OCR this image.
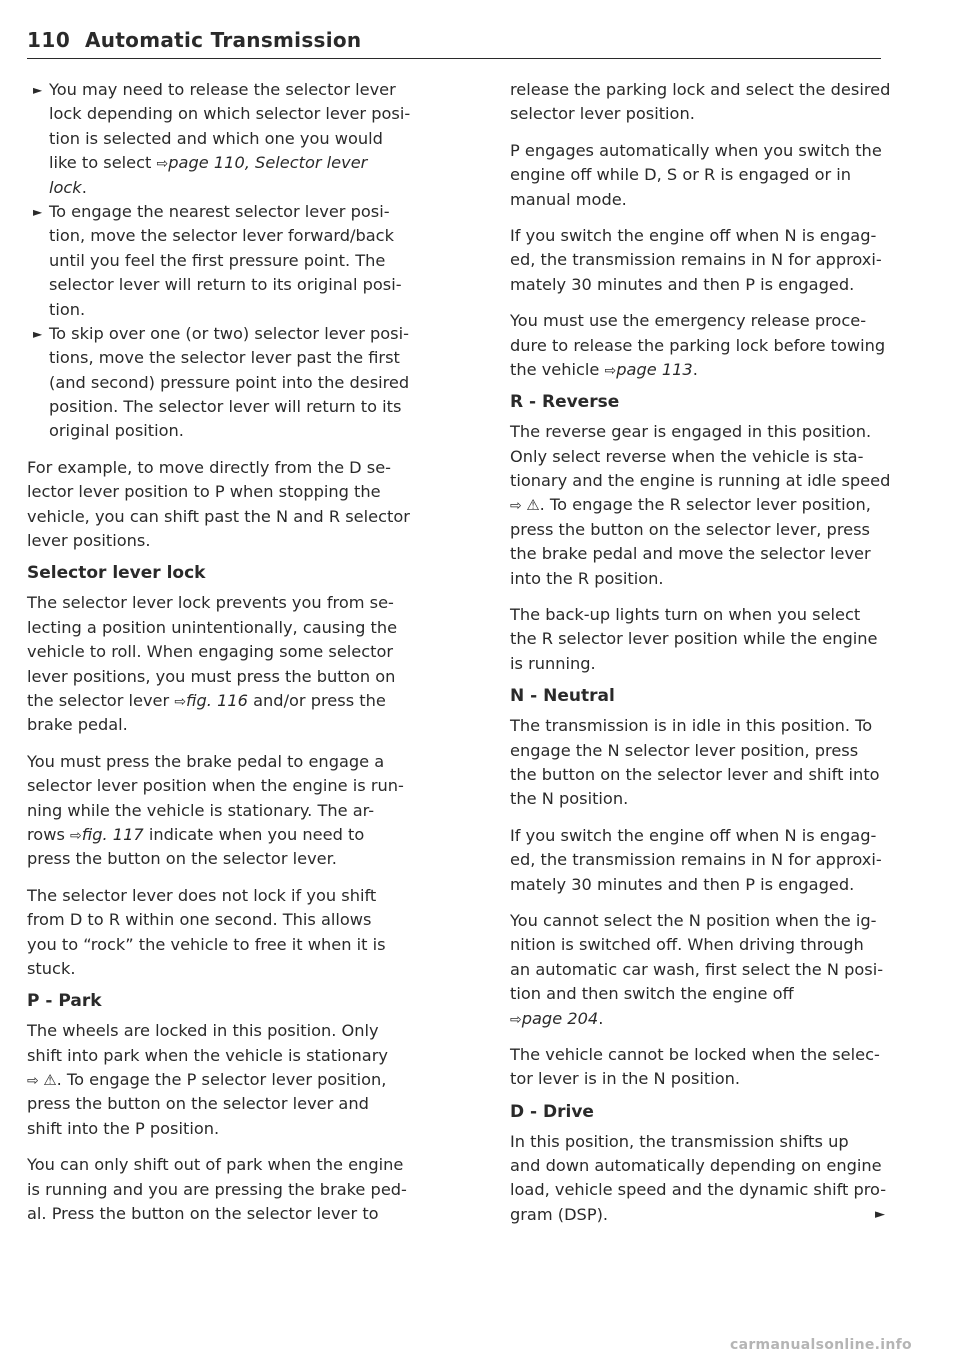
110 Automatic Transmission
► You may need to release the selector lever
lock depending on which selector lever posi-
tion is selected and which one you would
like to select ⇨page 110, Selector lever
lock.
► To engage the nearest selector lever posi-
tion, move the selector lever forward/back
until you feel the first pressure point. The
selector lever will return to its original posi-
tion.
► To skip over one (or two) selector lever posi-
tions, move the selector lever past the first
(and second) pressure point into the desired
position. The selector lever will return to its
original position.
For example, to move directly from the D se-
lector lever position to P when stopping the
vehicle, you can shift past the N and R selector
lever positions.
Selector lever lock
The selector lever lock prevents you from se-
lecting a position unintentionally, causing the
vehicle to roll. When engaging some selector
lever positions, you must press the button on
the selector lever ⇨fig. 116 and/or press the
brake pedal.
You must press the brake pedal to engage a
selector lever position when the engine is run-
ning while the vehicle is stationary. The ar-
rows ⇨fig. 117 indicate when you need to
press the button on the selector lever.
The selector lever does not lock if you shift
from D to R within one second. This allows
you to “rock” the vehicle to free it when it is
stuck.
P - Park
The wheels are locked in this position. Only
shift into park when the vehicle is stationary
⇨ ⚠. To engage the P selector lever position,
press the button on the selector lever and
shift into the P position.
You can only shift out of park when the engine
is running and you are pressing the brake ped-
al. Press the button on the selector lever to
release the parking lock and select the desired
selector lever position.
P engages automatically when you switch the
engine off while D, S or R is engaged or in
manual mode.
If you switch the engine off when N is engag-
ed, the transmission remains in N for approxi-
mately 30 minutes and then P is engaged.
You must use the emergency release proce-
dure to release the parking lock before towing
the vehicle ⇨page 113.
R - Reverse
The reverse gear is engaged in this position.
Only select reverse when the vehicle is sta-
tionary and the engine is running at idle speed
⇨ ⚠. To engage the R selector lever position,
press the button on the selector lever, press
the brake pedal and move the selector lever
into the R position.
The back-up lights turn on when you select
the R selector lever position while the engine
is running.
N - Neutral
The transmission is in idle in this position. To
engage the N selector lever position, press
the button on the selector lever and shift into
the N position.
If you switch the engine off when N is engag-
ed, the transmission remains in N for approxi-
mately 30 minutes and then P is engaged.
You cannot select the N position when the ig-
nition is switched off. When driving through
an automatic car wash, first select the N posi-
tion and then switch the engine off
⇨page 204.
The vehicle cannot be locked when the selec-
tor lever is in the N position.
D - Drive
In this position, the transmission shifts up
and down automatically depending on engine
load, vehicle speed and the dynamic shift pro-
gram (DSP).	►
carmanualsonline.info
